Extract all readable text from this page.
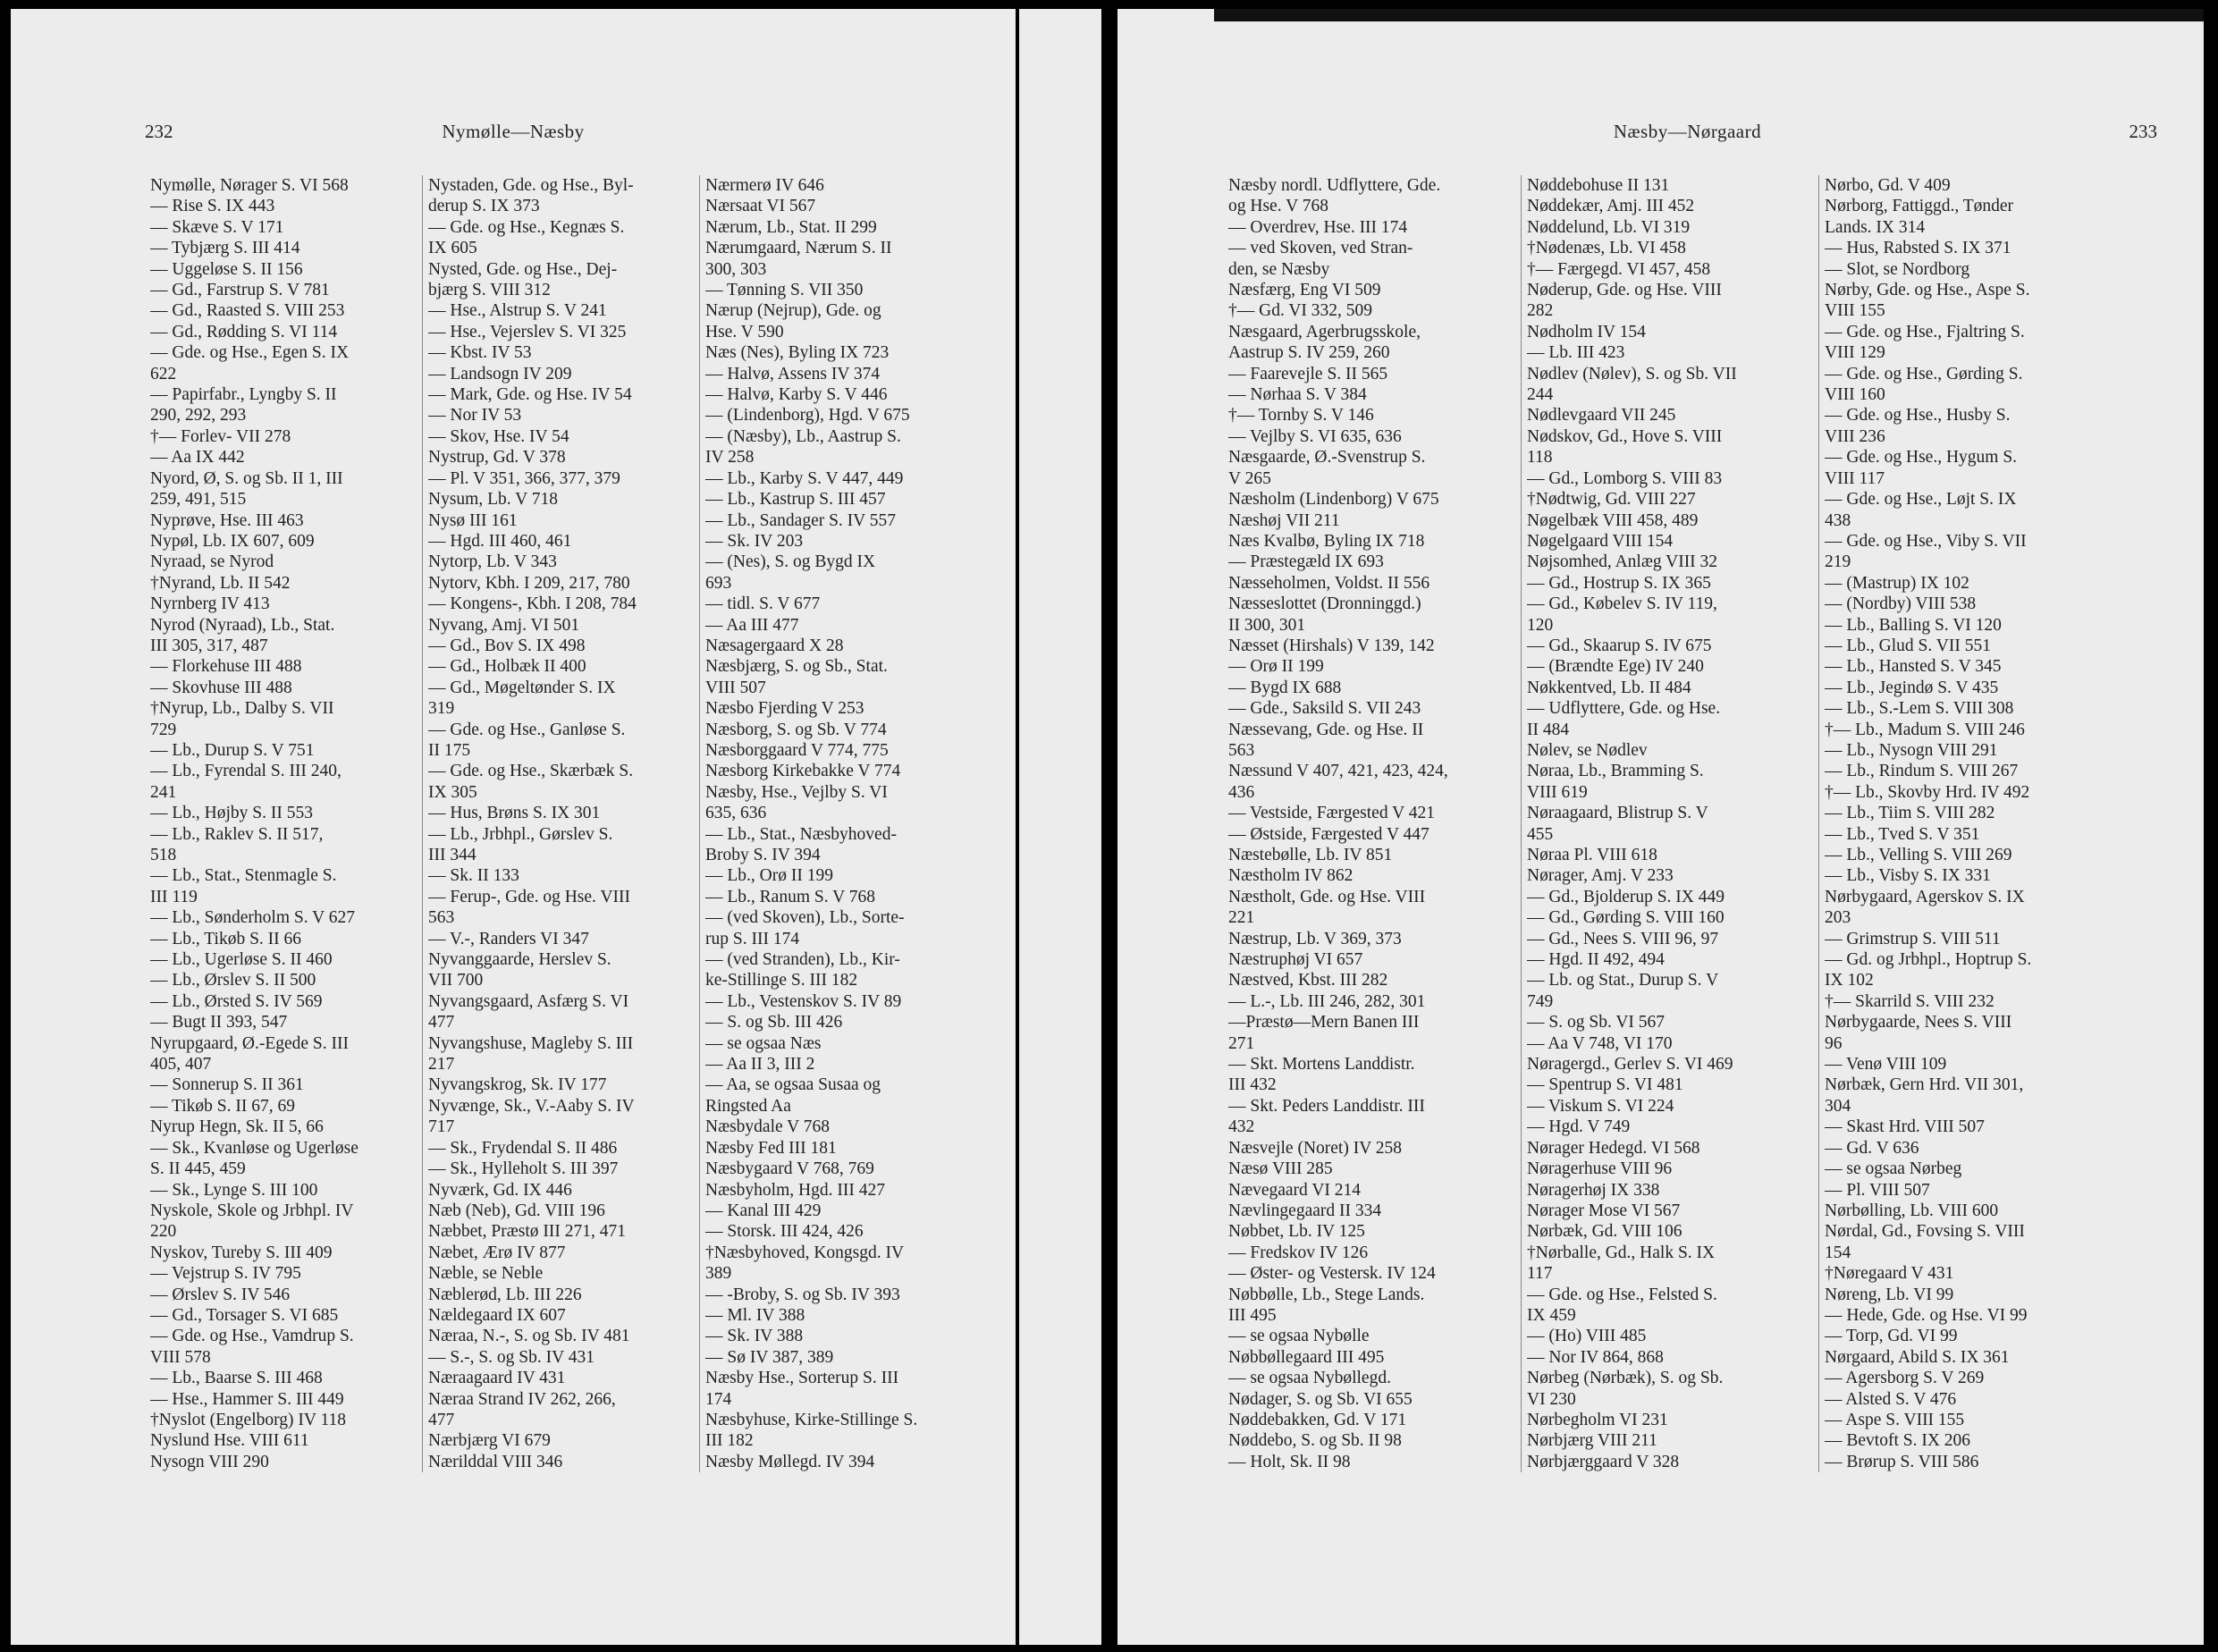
232	Nymølle—Næsby
Nymølle, Nørager S. VI 568
— Rise S. IX 443
— Skæve S. V 171
— Tybjærg S. III 414
— Uggeløse S. II 156
— Gd., Farstrup S. V 781
— Gd., Raasted S. VIII 253
— Gd., Rødding S. VI 114
— Gde. og Hse., Egen S. IX
622
— Papirfabr., Lyngby S. II
290, 292, 293
†— Forlev- VII 278
— Aa IX 442
Nyord, Ø, S. og Sb. II 1, III
259, 491, 515
Nyprøve, Hse. III 463
Nypøl, Lb. IX 607, 609
Nyraad, se Nyrod
†Nyrand, Lb. II 542
Nyrnberg IV 413
Nyrod (Nyraad), Lb., Stat.
III 305, 317, 487
— Florkehuse III 488
— Skovhuse III 488
†Nyrup, Lb., Dalby S. VII
729
— Lb., Durup S. V 751
— Lb., Fyrendal S. III 240,
241
— Lb., Højby S. II 553
— Lb., Raklev S. II 517,
518
— Lb., Stat., Stenmagle S.
III 119
— Lb., Sønderholm S. V 627
— Lb., Tikøb S. II 66
— Lb., Ugerløse S. II 460
— Lb., Ørslev S. II 500
— Lb., Ørsted S. IV 569
— Bugt II 393, 547
Nyrupgaard, Ø.-Egede S. III
405, 407
— Sonnerup S. II 361
— Tikøb S. II 67, 69
Nyrup Hegn, Sk. II 5, 66
— Sk., Kvanløse og Ugerløse
S. II 445, 459
— Sk., Lynge S. III 100
Nyskole, Skole og Jrbhpl. IV
220
Nyskov, Tureby S. III 409
— Vejstrup S. IV 795
— Ørslev S. IV 546
— Gd., Torsager S. VI 685
— Gde. og Hse., Vamdrup S.
VIII 578
— Lb., Baarse S. III 468
— Hse., Hammer S. III 449
†Nyslot (Engelborg) IV 118
Nyslund Hse. VIII 611
Nysogn VIII 290
Nystaden, Gde. og Hse., Byl-
derup S. IX 373
— Gde. og Hse., Kegnæs S.
IX 605
Nysted, Gde. og Hse., Dej-
bjærg S. VIII 312
— Hse., Alstrup S. V 241
— Hse., Vejerslev S. VI 325
— Kbst. IV 53
— Landsogn IV 209
— Mark, Gde. og Hse. IV 54
— Nor IV 53
— Skov, Hse. IV 54
Nystrup, Gd. V 378
— Pl. V 351, 366, 377, 379
Nysum, Lb. V 718
Nysø III 161
— Hgd. III 460, 461
Nytorp, Lb. V 343
Nytorv, Kbh. I 209, 217, 780
— Kongens-, Kbh. I 208, 784
Nyvang, Amj. VI 501
— Gd., Bov S. IX 498
— Gd., Holbæk II 400
— Gd., Møgeltønder S. IX
319
— Gde. og Hse., Ganløse S.
II 175
— Gde. og Hse., Skærbæk S.
IX 305
— Hus, Brøns S. IX 301
— Lb., Jrbhpl., Gørslev S.
III 344
— Sk. II 133
— Ferup-, Gde. og Hse. VIII
563
— V.-, Randers VI 347
Nyvanggaarde, Herslev S.
VII 700
Nyvangsgaard, Asfærg S. VI
477
Nyvangshuse, Magleby S. III
217
Nyvangskrog, Sk. IV 177
Nyvænge, Sk., V.-Aaby S. IV
717
— Sk., Frydendal S. II 486
— Sk., Hylleholt S. III 397
Nyværk, Gd. IX 446
Næb (Neb), Gd. VIII 196
Næbbet, Præstø III 271, 471
Næbet, Ærø IV 877
Næble, se Neble
Næblerød, Lb. III 226
Nældegaard IX 607
Næraa, N.-, S. og Sb. IV 481
— S.-, S. og Sb. IV 431
Næraagaard IV 431
Næraa Strand IV 262, 266,
477
Nærbjærg VI 679
Nærilddal VIII 346
Nærmerø IV 646
Nærsaat VI 567
Nærum, Lb., Stat. II 299
Nærumgaard, Nærum S. II
300, 303
— Tønning S. VII 350
Nærup (Nejrup), Gde. og
Hse. V 590
Næs (Nes), Byling IX 723
— Halvø, Assens IV 374
— Halvø, Karby S. V 446
— (Lindenborg), Hgd. V 675
— (Næsby), Lb., Aastrup S.
IV 258
— Lb., Karby S. V 447, 449
— Lb., Kastrup S. III 457
— Lb., Sandager S. IV 557
— Sk. IV 203
— (Nes), S. og Bygd IX
693
— tidl. S. V 677
— Aa III 477
Næsagergaard X 28
Næsbjærg, S. og Sb., Stat.
VIII 507
Næsbo Fjerding V 253
Næsborg, S. og Sb. V 774
Næsborggaard V 774, 775
Næsborg Kirkebakke V 774
Næsby, Hse., Vejlby S. VI
635, 636
— Lb., Stat., Næsbyhoved-
Broby S. IV 394
— Lb., Orø II 199
— Lb., Ranum S. V 768
— (ved Skoven), Lb., Sorte-
rup S. III 174
— (ved Stranden), Lb., Kir-
ke-Stillinge S. III 182
— Lb., Vestenskov S. IV 89
— S. og Sb. III 426
— se ogsaa Næs
— Aa II 3, III 2
— Aa, se ogsaa Susaa og
Ringsted Aa
Næsbydale V 768
Næsby Fed III 181
Næsbygaard V 768, 769
Næsbyholm, Hgd. III 427
— Kanal III 429
— Storsk. III 424, 426
†Næsbyhoved, Kongsgd. IV
389
— -Broby, S. og Sb. IV 393
— Ml. IV 388
— Sk. IV 388
— Sø IV 387, 389
Næsby Hse., Sorterup S. III
174
Næsbyhuse, Kirke-Stillinge S.
III 182
Næsby Møllegd. IV 394
Næsby—Nørgaard	233
Næsby nordl. Udflyttere, Gde.
og Hse. V 768
— Overdrev, Hse. III 174
— ved Skoven, ved Stran-
den, se Næsby
Næsfærg, Eng VI 509
†— Gd. VI 332, 509
Næsgaard, Agerbrugsskole,
Aastrup S. IV 259, 260
— Faarevejle S. II 565
— Nørhaa S. V 384
†— Tornby S. V 146
— Vejlby S. VI 635, 636
Næsgaarde, Ø.-Svenstrup S.
V 265
Næsholm (Lindenborg) V 675
Næshøj VII 211
Næs Kvalbø, Byling IX 718
— Præstegæld IX 693
Næsseholmen, Voldst. II 556
Næsseslottet (Dronninggd.)
II 300, 301
Næsset (Hirshals) V 139, 142
— Orø II 199
— Bygd IX 688
— Gde., Saksild S. VII 243
Næssevang, Gde. og Hse. II
563
Næssund V 407, 421, 423, 424,
436
— Vestside, Færgested V 421
— Østside, Færgested V 447
Næstebølle, Lb. IV 851
Næstholm IV 862
Næstholt, Gde. og Hse. VIII
221
Næstrup, Lb. V 369, 373
Næstruphøj VI 657
Næstved, Kbst. III 282
— L.-, Lb. III 246, 282, 301
—Præstø—Mern Banen III
271
— Skt. Mortens Landdistr.
III 432
— Skt. Peders Landdistr. III
432
Næsvejle (Noret) IV 258
Næsø VIII 285
Nævegaard VI 214
Nævlingegaard II 334
Nøbbet, Lb. IV 125
— Fredskov IV 126
— Øster- og Vestersk. IV 124
Nøbbølle, Lb., Stege Lands.
III 495
— se ogsaa Nybølle
Nøbbøllegaard III 495
— se ogsaa Nybøllegd.
Nødager, S. og Sb. VI 655
Nøddebakken, Gd. V 171
Nøddebo, S. og Sb. II 98
— Holt, Sk. II 98
Nøddebohuse II 131
Nøddekær, Amj. III 452
Nøddelund, Lb. VI 319
†Nødenæs, Lb. VI 458
†— Færgegd. VI 457, 458
Nøderup, Gde. og Hse. VIII
282
Nødholm IV 154
— Lb. III 423
Nødlev (Nølev), S. og Sb. VII
244
Nødlevgaard VII 245
Nødskov, Gd., Hove S. VIII
118
— Gd., Lomborg S. VIII 83
†Nødtwig, Gd. VIII 227
Nøgelbæk VIII 458, 489
Nøgelgaard VIII 154
Nøjsomhed, Anlæg VIII 32
— Gd., Hostrup S. IX 365
— Gd., Købelev S. IV 119,
120
— Gd., Skaarup S. IV 675
— (Brændte Ege) IV 240
Nøkkentved, Lb. II 484
— Udflyttere, Gde. og Hse.
II 484
Nølev, se Nødlev
Nøraa, Lb., Bramming S.
VIII 619
Nøraagaard, Blistrup S. V
455
Nøraa Pl. VIII 618
Nørager, Amj. V 233
— Gd., Bjolderup S. IX 449
— Gd., Gørding S. VIII 160
— Gd., Nees S. VIII 96, 97
— Hgd. II 492, 494
— Lb. og Stat., Durup S. V
749
— S. og Sb. VI 567
— Aa V 748, VI 170
Nøragergd., Gerlev S. VI 469
— Spentrup S. VI 481
— Viskum S. VI 224
— Hgd. V 749
Nørager Hedegd. VI 568
Nøragerhuse VIII 96
Nøragerhøj IX 338
Nørager Mose VI 567
Nørbæk, Gd. VIII 106
†Nørballe, Gd., Halk S. IX
117
— Gde. og Hse., Felsted S.
IX 459
— (Ho) VIII 485
— Nor IV 864, 868
Nørbeg (Nørbæk), S. og Sb.
VI 230
Nørbegholm VI 231
Nørbjærg VIII 211
Nørbjærggaard V 328
Nørbo, Gd. V 409
Nørborg, Fattiggd., Tønder
Lands. IX 314
— Hus, Rabsted S. IX 371
— Slot, se Nordborg
Nørby, Gde. og Hse., Aspe S.
VIII 155
— Gde. og Hse., Fjaltring S.
VIII 129
— Gde. og Hse., Gørding S.
VIII 160
— Gde. og Hse., Husby S.
VIII 236
— Gde. og Hse., Hygum S.
VIII 117
— Gde. og Hse., Løjt S. IX
438
— Gde. og Hse., Viby S. VII
219
— (Mastrup) IX 102
— (Nordby) VIII 538
— Lb., Balling S. VI 120
— Lb., Glud S. VII 551
— Lb., Hansted S. V 345
— Lb., Jegindø S. V 435
— Lb., S.-Lem S. VIII 308
†— Lb., Madum S. VIII 246
— Lb., Nysogn VIII 291
— Lb., Rindum S. VIII 267
†— Lb., Skovby Hrd. IV 492
— Lb., Tiim S. VIII 282
— Lb., Tved S. V 351
— Lb., Velling S. VIII 269
— Lb., Visby S. IX 331
Nørbygaard, Agerskov S. IX
203
— Grimstrup S. VIII 511
— Gd. og Jrbhpl., Hoptrup S.
IX 102
†— Skarrild S. VIII 232
Nørbygaarde, Nees S. VIII
96
— Venø VIII 109
Nørbæk, Gern Hrd. VII 301,
304
— Skast Hrd. VIII 507
— Gd. V 636
— se ogsaa Nørbeg
— Pl. VIII 507
Nørbølling, Lb. VIII 600
Nørdal, Gd., Fovsing S. VIII
154
†Nøregaard V 431
Nøreng, Lb. VI 99
— Hede, Gde. og Hse. VI 99
— Torp, Gd. VI 99
Nørgaard, Abild S. IX 361
— Agersborg S. V 269
— Alsted S. V 476
— Aspe S. VIII 155
— Bevtoft S. IX 206
— Brørup S. VIII 586
